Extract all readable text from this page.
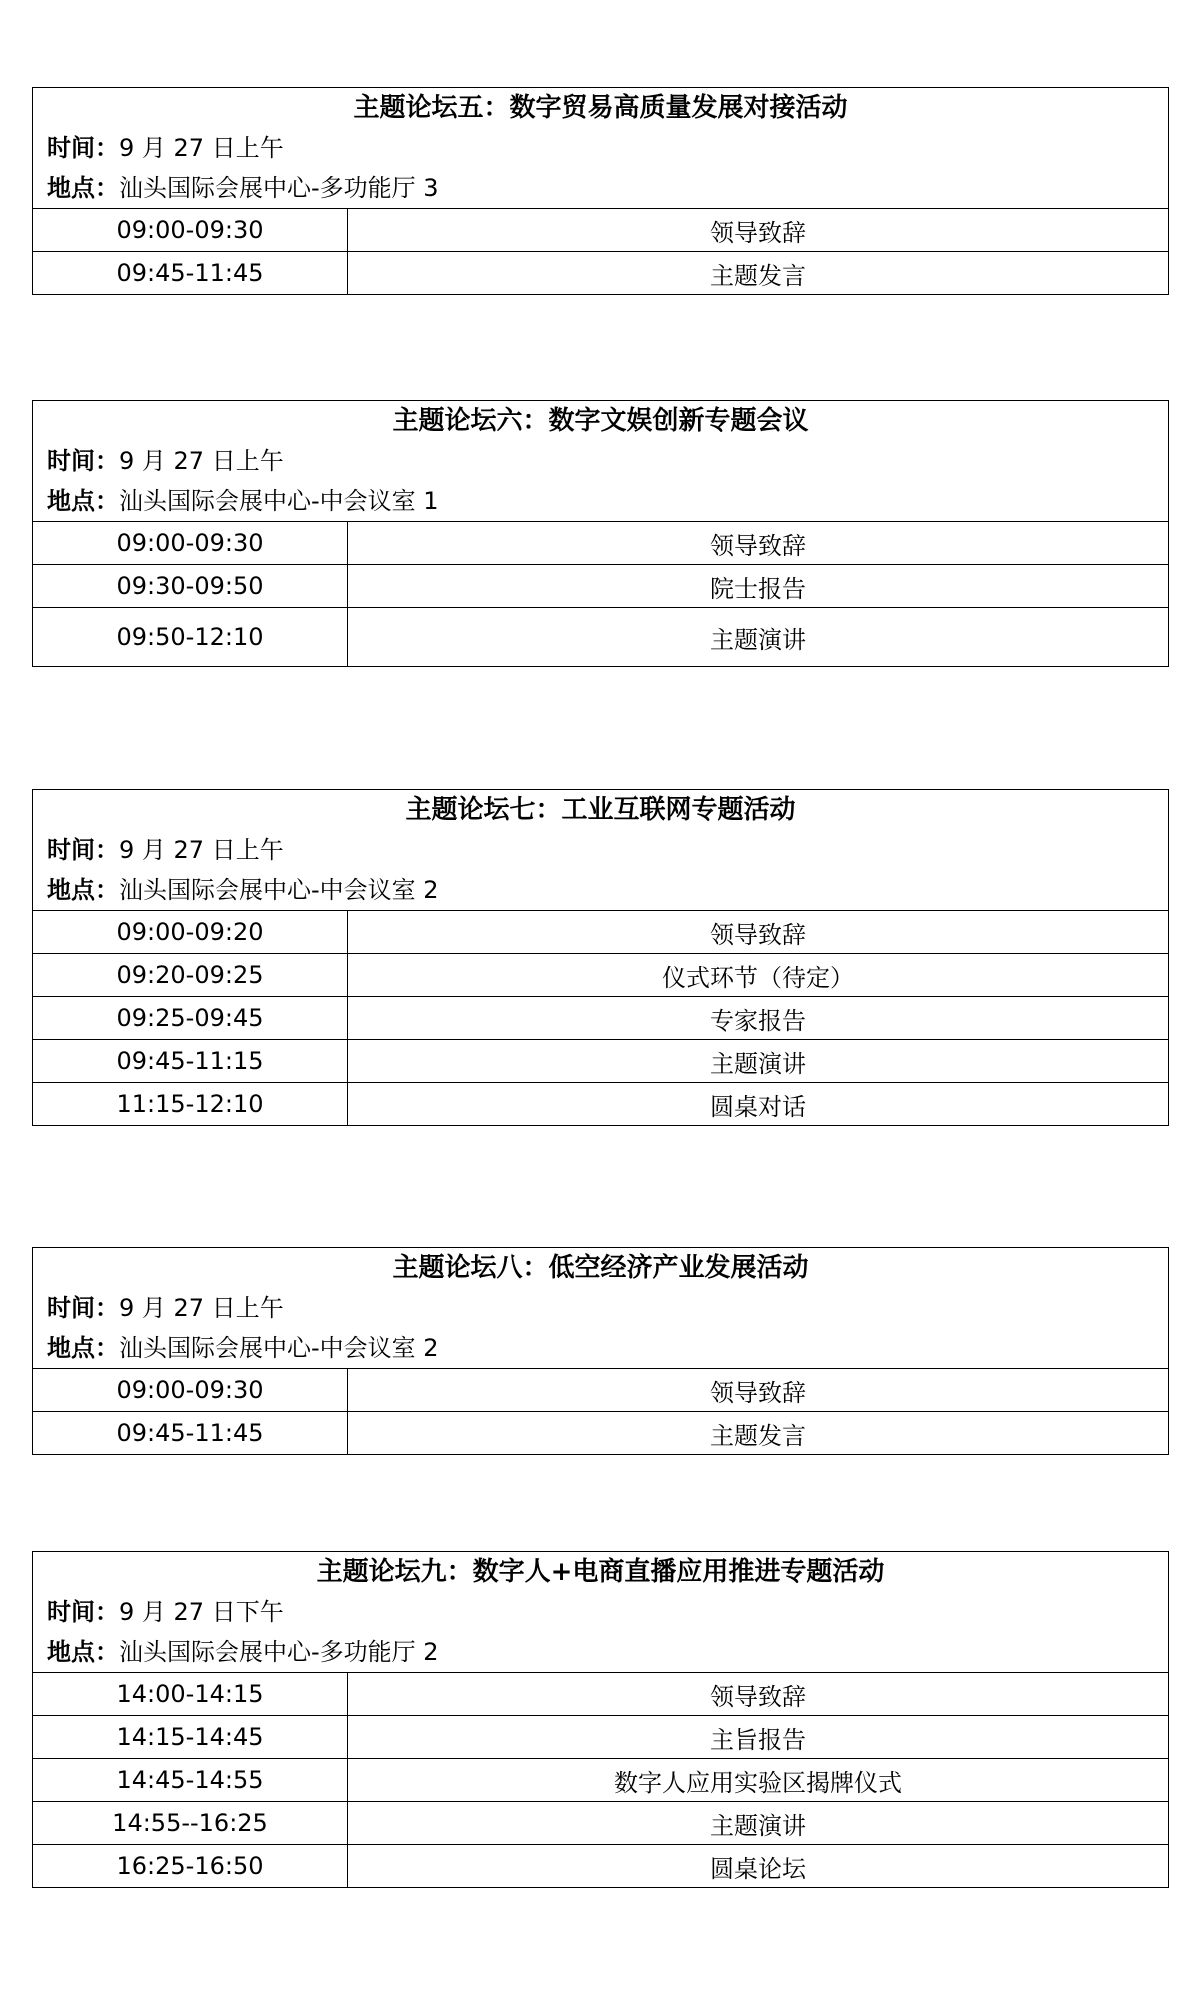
主题论坛五：数字贸易高质量发展对接活动
时间：9 月 27 日上午
地点：汕头国际会展中心-多功能厅 3
09:00-09:30	领导致辞
09:45-11:45	主题发言
主题论坛六：数字文娱创新专题会议
时间：9 月 27 日上午
地点：汕头国际会展中心-中会议室 1
09:00-09:30	领导致辞
09:30-09:50	院士报告
09:50-12:10	主题演讲
主题论坛七：工业互联网专题活动
时间：9 月 27 日上午
地点：汕头国际会展中心-中会议室 2
09:00-09:20	领导致辞
09:20-09:25	仪式环节（待定）
09:25-09:45	专家报告
09:45-11:15	主题演讲
11:15-12:10	圆桌对话
主题论坛八：低空经济产业发展活动
时间：9 月 27 日上午
地点：汕头国际会展中心-中会议室 2
09:00-09:30	领导致辞
09:45-11:45	主题发言
主题论坛九：数字人+电商直播应用推进专题活动
时间：9 月 27 日下午
地点：汕头国际会展中心-多功能厅 2
14:00-14:15	领导致辞
14:15-14:45	主旨报告
14:45-14:55	数字人应用实验区揭牌仪式
14:55--16:25	主题演讲
16:25-16:50	圆桌论坛
